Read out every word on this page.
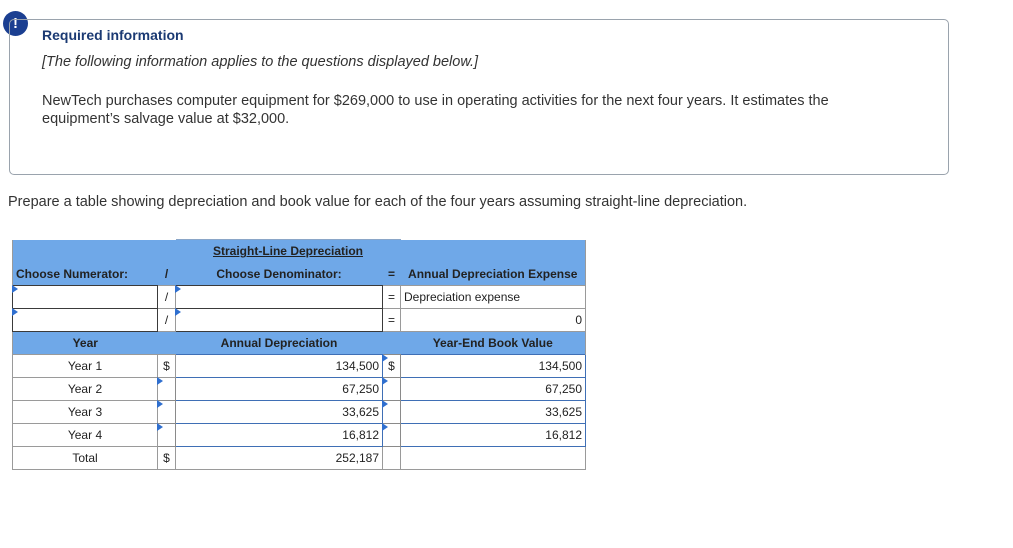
!
Required information
[The following information applies to the questions displayed below.]
NewTech purchases computer equipment for $269,000 to use in operating activities for the next four years. It estimates the equipment’s salvage value at $32,000.
Prepare a table showing depreciation and book value for each of the four years assuming straight-line depreciation.
		Straight-Line Depreciation		
Choose Numerator:	/	Choose Denominator:	=	Annual Depreciation Expense

	/		=	Depreciation expense

	/		=	0
Year		Annual Depreciation		Year-End Book Value
Year 1	$	134,500	$	134,500
Year 2		67,250		67,250
Year 3		33,625		33,625
Year 4		16,812		16,812
Total	$	252,187		
